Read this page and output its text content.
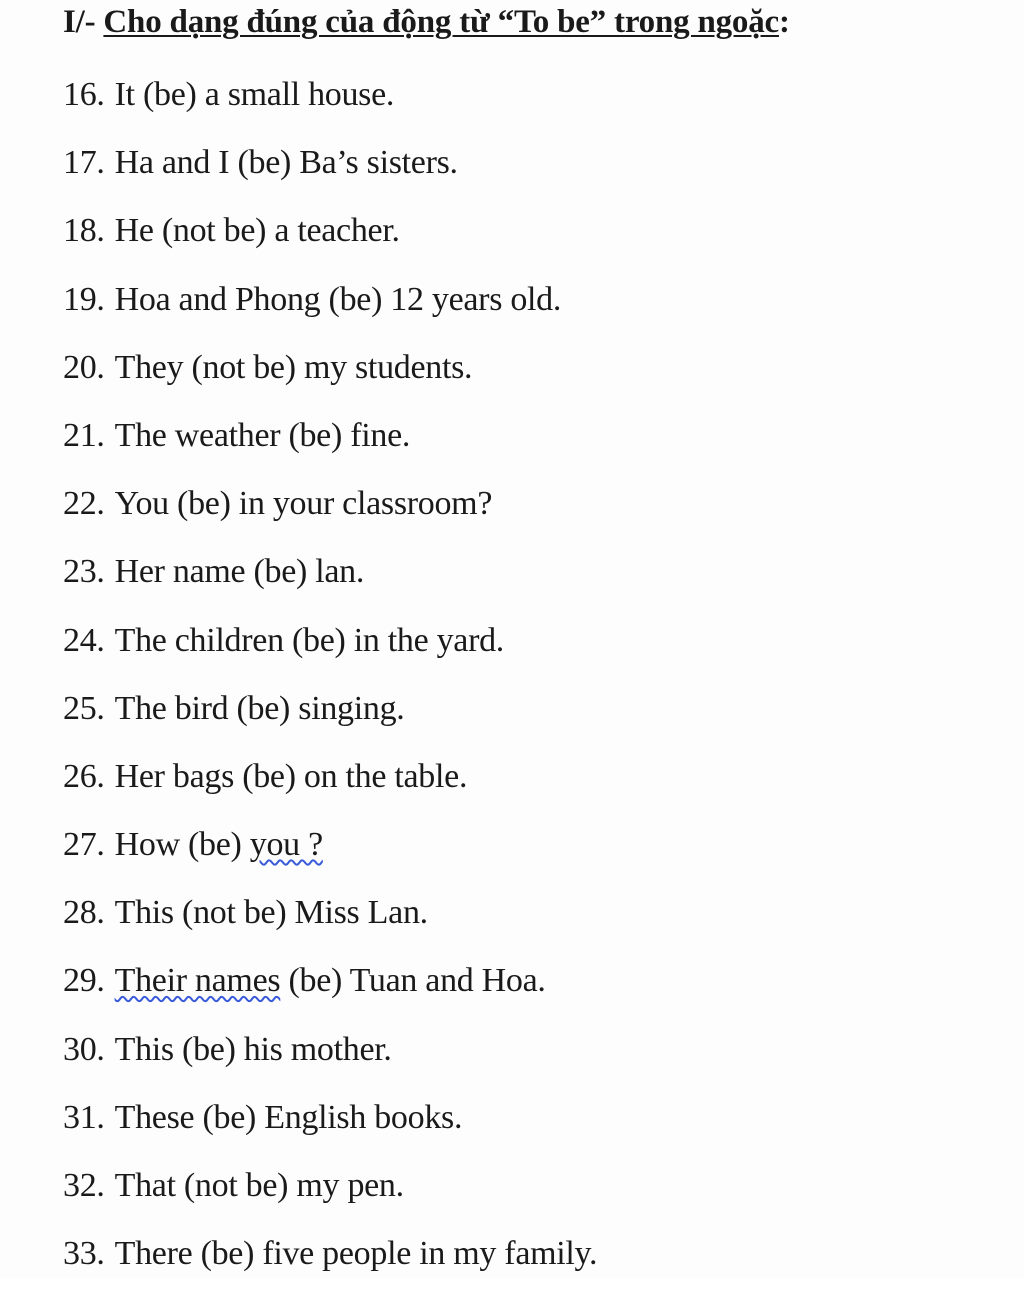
I/- Cho dạng đúng của động từ “To be” trong ngoặc:
16. It (be) a small house.
17. Ha and I (be) Ba’s sisters.
18. He (not be) a teacher.
19. Hoa and Phong (be) 12 years old.
20. They (not be) my students.
21. The weather (be) fine.
22. You (be) in your classroom?
23. Her name (be) lan.
24. The children (be) in the yard.
25. The bird (be) singing.
26. Her bags (be) on the table.
27. How (be) you ?
28. This (not be) Miss Lan.
29. Their names (be) Tuan and Hoa.
30. This (be) his mother.
31. These (be) English books.
32. That (not be) my pen.
33. There (be) five people in my family.
